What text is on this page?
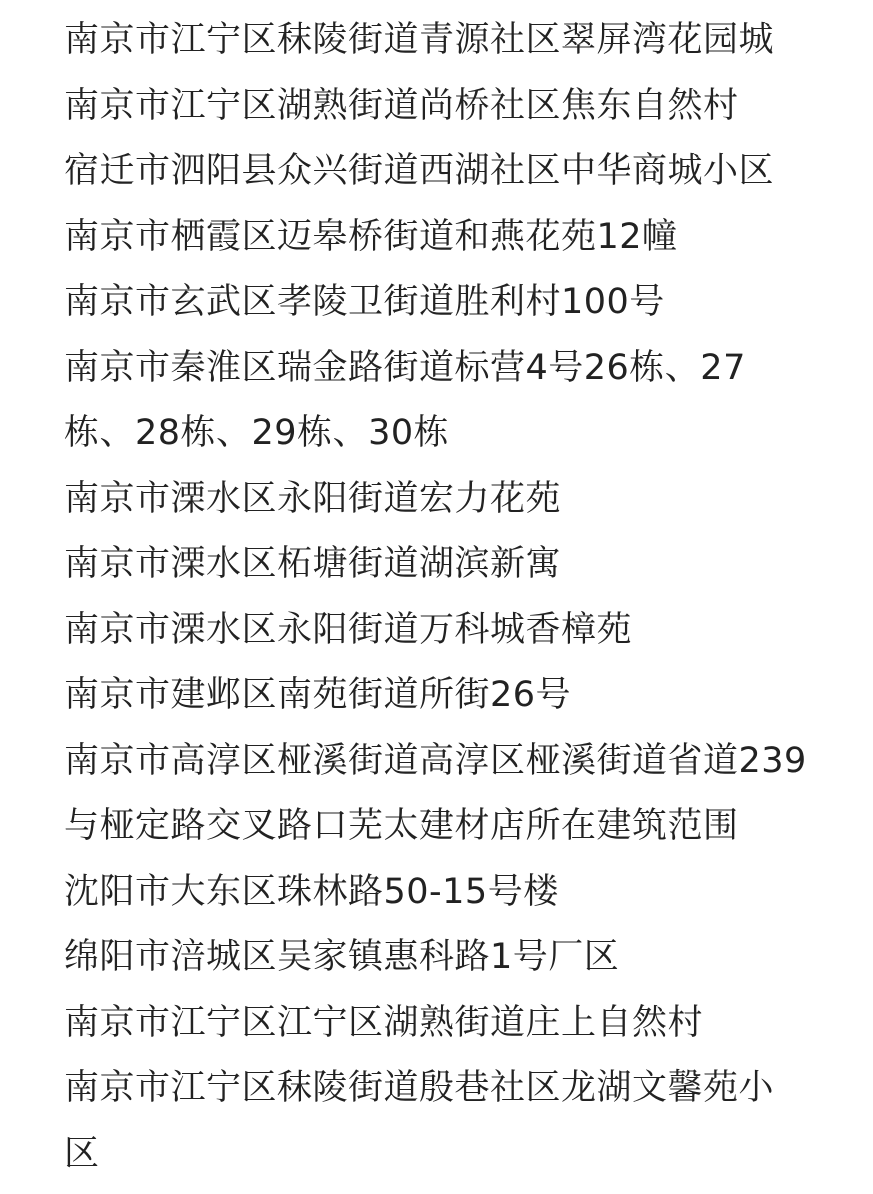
南京市江宁区秣陵街道青源社区翠屏湾花园城
南京市江宁区湖熟街道尚桥社区焦东自然村
宿迁市泗阳县众兴街道西湖社区中华商城小区
南京市栖霞区迈皋桥街道和燕花苑12幢
南京市玄武区孝陵卫街道胜利村100号
南京市秦淮区瑞金路街道标营4号26栋、27
栋、28栋、29栋、30栋
南京市溧水区永阳街道宏力花苑
南京市溧水区柘塘街道湖滨新寓
南京市溧水区永阳街道万科城香樟苑
南京市建邺区南苑街道所街26号
南京市高淳区桠溪街道高淳区桠溪街道省道239
与桠定路交叉路口芜太建材店所在建筑范围
沈阳市大东区珠林路50-15号楼
绵阳市涪城区吴家镇惠科路1号厂区
南京市江宁区江宁区湖熟街道庄上自然村
南京市江宁区秣陵街道殷巷社区龙湖文馨苑小
区
